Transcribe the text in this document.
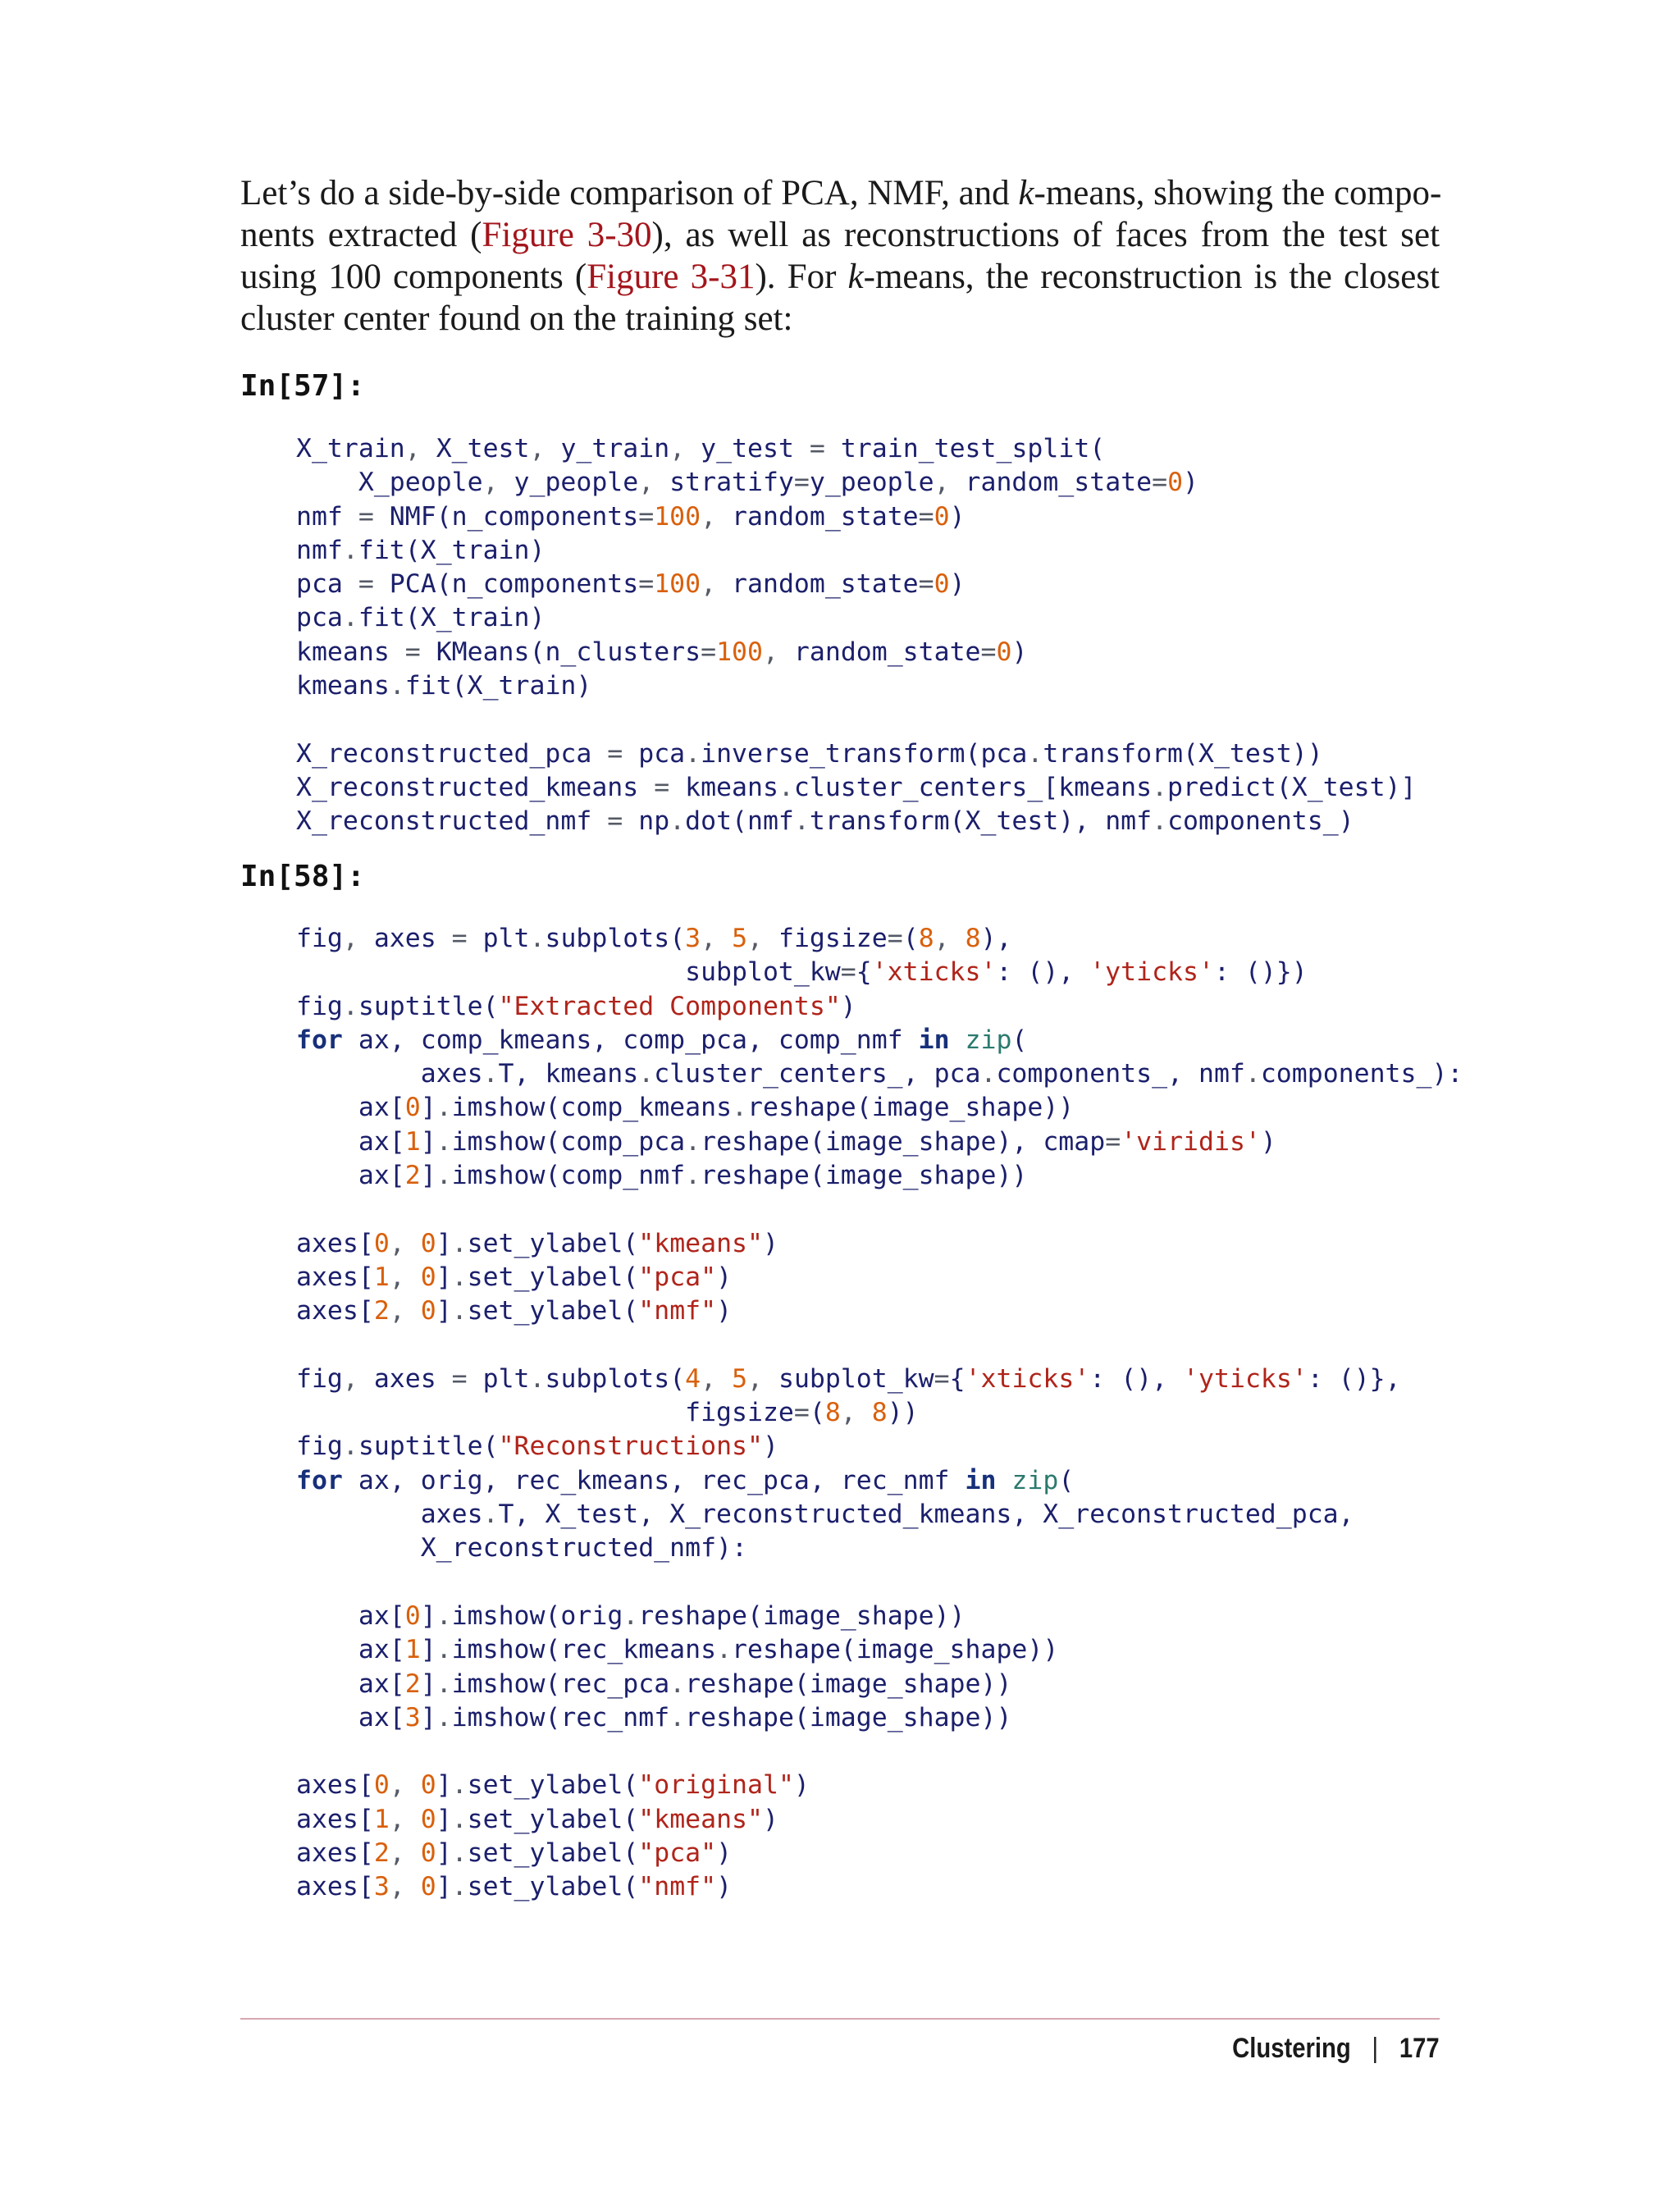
Let’s do a side-by-side comparison of PCA, NMF, and k-means, showing the compo-
nents extracted (Figure 3-30), as well as reconstructions of faces from the test set
using 100 components (Figure 3-31). For k-means, the reconstruction is the closest
cluster center found on the training set:
In[57]:
X_train, X_test, y_train, y_test = train_test_split(
X_people, y_people, stratify=y_people, random_state=0)
nmf = NMF(n_components=100, random_state=0)
nmf.fit(X_train)
pca = PCA(n_components=100, random_state=0)
pca.fit(X_train)
kmeans = KMeans(n_clusters=100, random_state=0)
kmeans.fit(X_train)
X_reconstructed_pca = pca.inverse_transform(pca.transform(X_test))
X_reconstructed_kmeans = kmeans.cluster_centers_[kmeans.predict(X_test)]
X_reconstructed_nmf = np.dot(nmf.transform(X_test), nmf.components_)
In[58]:
fig, axes = plt.subplots(3, 5, figsize=(8, 8),
subplot_kw={'xticks': (), 'yticks': ()})
fig.suptitle("Extracted Components")
for ax, comp_kmeans, comp_pca, comp_nmf in zip(
axes.T, kmeans.cluster_centers_, pca.components_, nmf.components_):
ax[0].imshow(comp_kmeans.reshape(image_shape))
ax[1].imshow(comp_pca.reshape(image_shape), cmap='viridis')
ax[2].imshow(comp_nmf.reshape(image_shape))
axes[0, 0].set_ylabel("kmeans")
axes[1, 0].set_ylabel("pca")
axes[2, 0].set_ylabel("nmf")
fig, axes = plt.subplots(4, 5, subplot_kw={'xticks': (), 'yticks': ()},
figsize=(8, 8))
fig.suptitle("Reconstructions")
for ax, orig, rec_kmeans, rec_pca, rec_nmf in zip(
axes.T, X_test, X_reconstructed_kmeans, X_reconstructed_pca,
X_reconstructed_nmf):
ax[0].imshow(orig.reshape(image_shape))
ax[1].imshow(rec_kmeans.reshape(image_shape))
ax[2].imshow(rec_pca.reshape(image_shape))
ax[3].imshow(rec_nmf.reshape(image_shape))
axes[0, 0].set_ylabel("original")
axes[1, 0].set_ylabel("kmeans")
axes[2, 0].set_ylabel("pca")
axes[3, 0].set_ylabel("nmf")
Clustering | 177
